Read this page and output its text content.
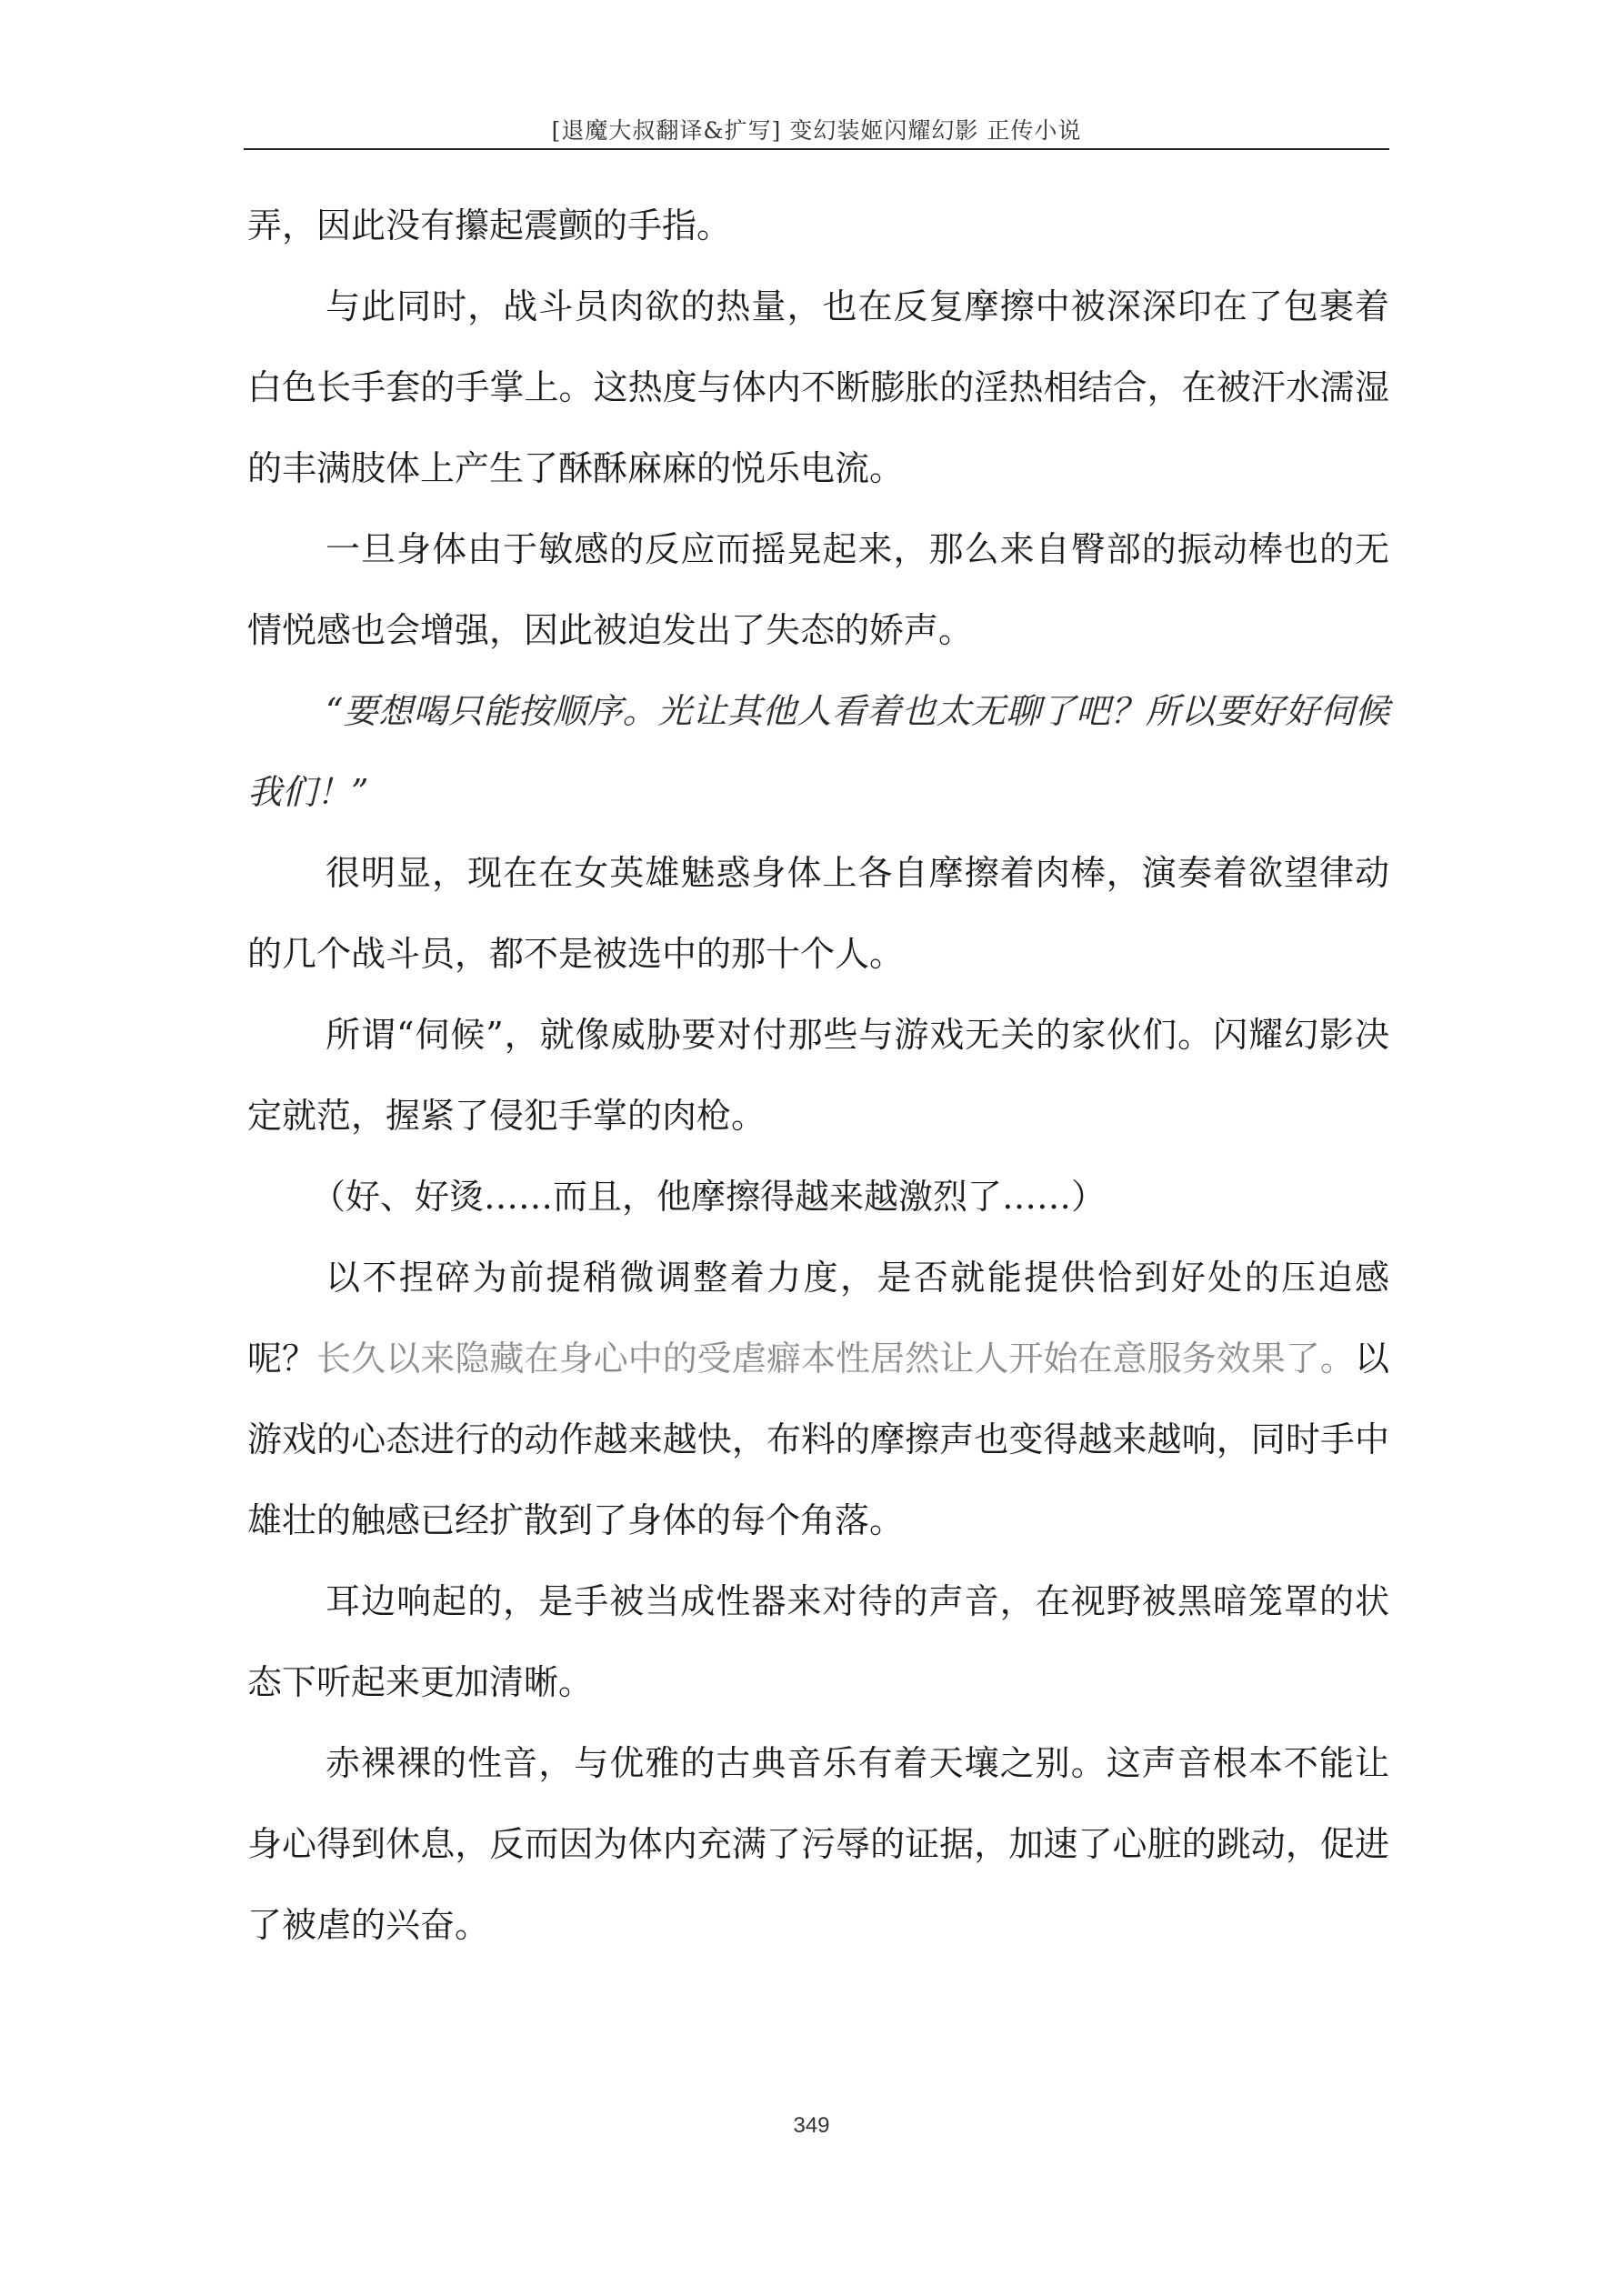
[退魔大叔翻译&扩写] 变幻装姬闪耀幻影 正传小说

弄，因此没有攥起震颤的手指。

与此同时，战斗员肉欲的热量，也在反复摩擦中被深深印在了包裹着白色长手套的手掌上。这热度与体内不断膨胀的淫热相结合，在被汗水濡湿的丰满肢体上产生了酥酥麻麻的悦乐电流。

一旦身体由于敏感的反应而摇晃起来，那么来自臀部的振动棒也的无情悦感也会增强，因此被迫发出了失态的娇声。

“要想喝只能按顺序。光让其他人看着也太无聊了吧？所以要好好伺候我们！”

很明显，现在在女英雄魅惑身体上各自摩擦着肉棒，演奏着欲望律动的几个战斗员，都不是被选中的那十个人。

所谓“伺候”，就像威胁要对付那些与游戏无关的家伙们。闪耀幻影决定就范，握紧了侵犯手掌的肉枪。

（好、好烫……而且，他摩擦得越来越激烈了……）

以不捏碎为前提稍微调整着力度，是否就能提供恰到好处的压迫感呢？长久以来隐藏在身心中的受虐癖本性居然让人开始在意服务效果了。以游戏的心态进行的动作越来越快，布料的摩擦声也变得越来越响，同时手中雄壮的触感已经扩散到了身体的每个角落。

耳边响起的，是手被当成性器来对待的声音，在视野被黑暗笼罩的状态下听起来更加清晰。

赤裸裸的性音，与优雅的古典音乐有着天壤之别。这声音根本不能让身心得到休息，反而因为体内充满了污辱的证据，加速了心脏的跳动，促进了被虐的兴奋。

349
